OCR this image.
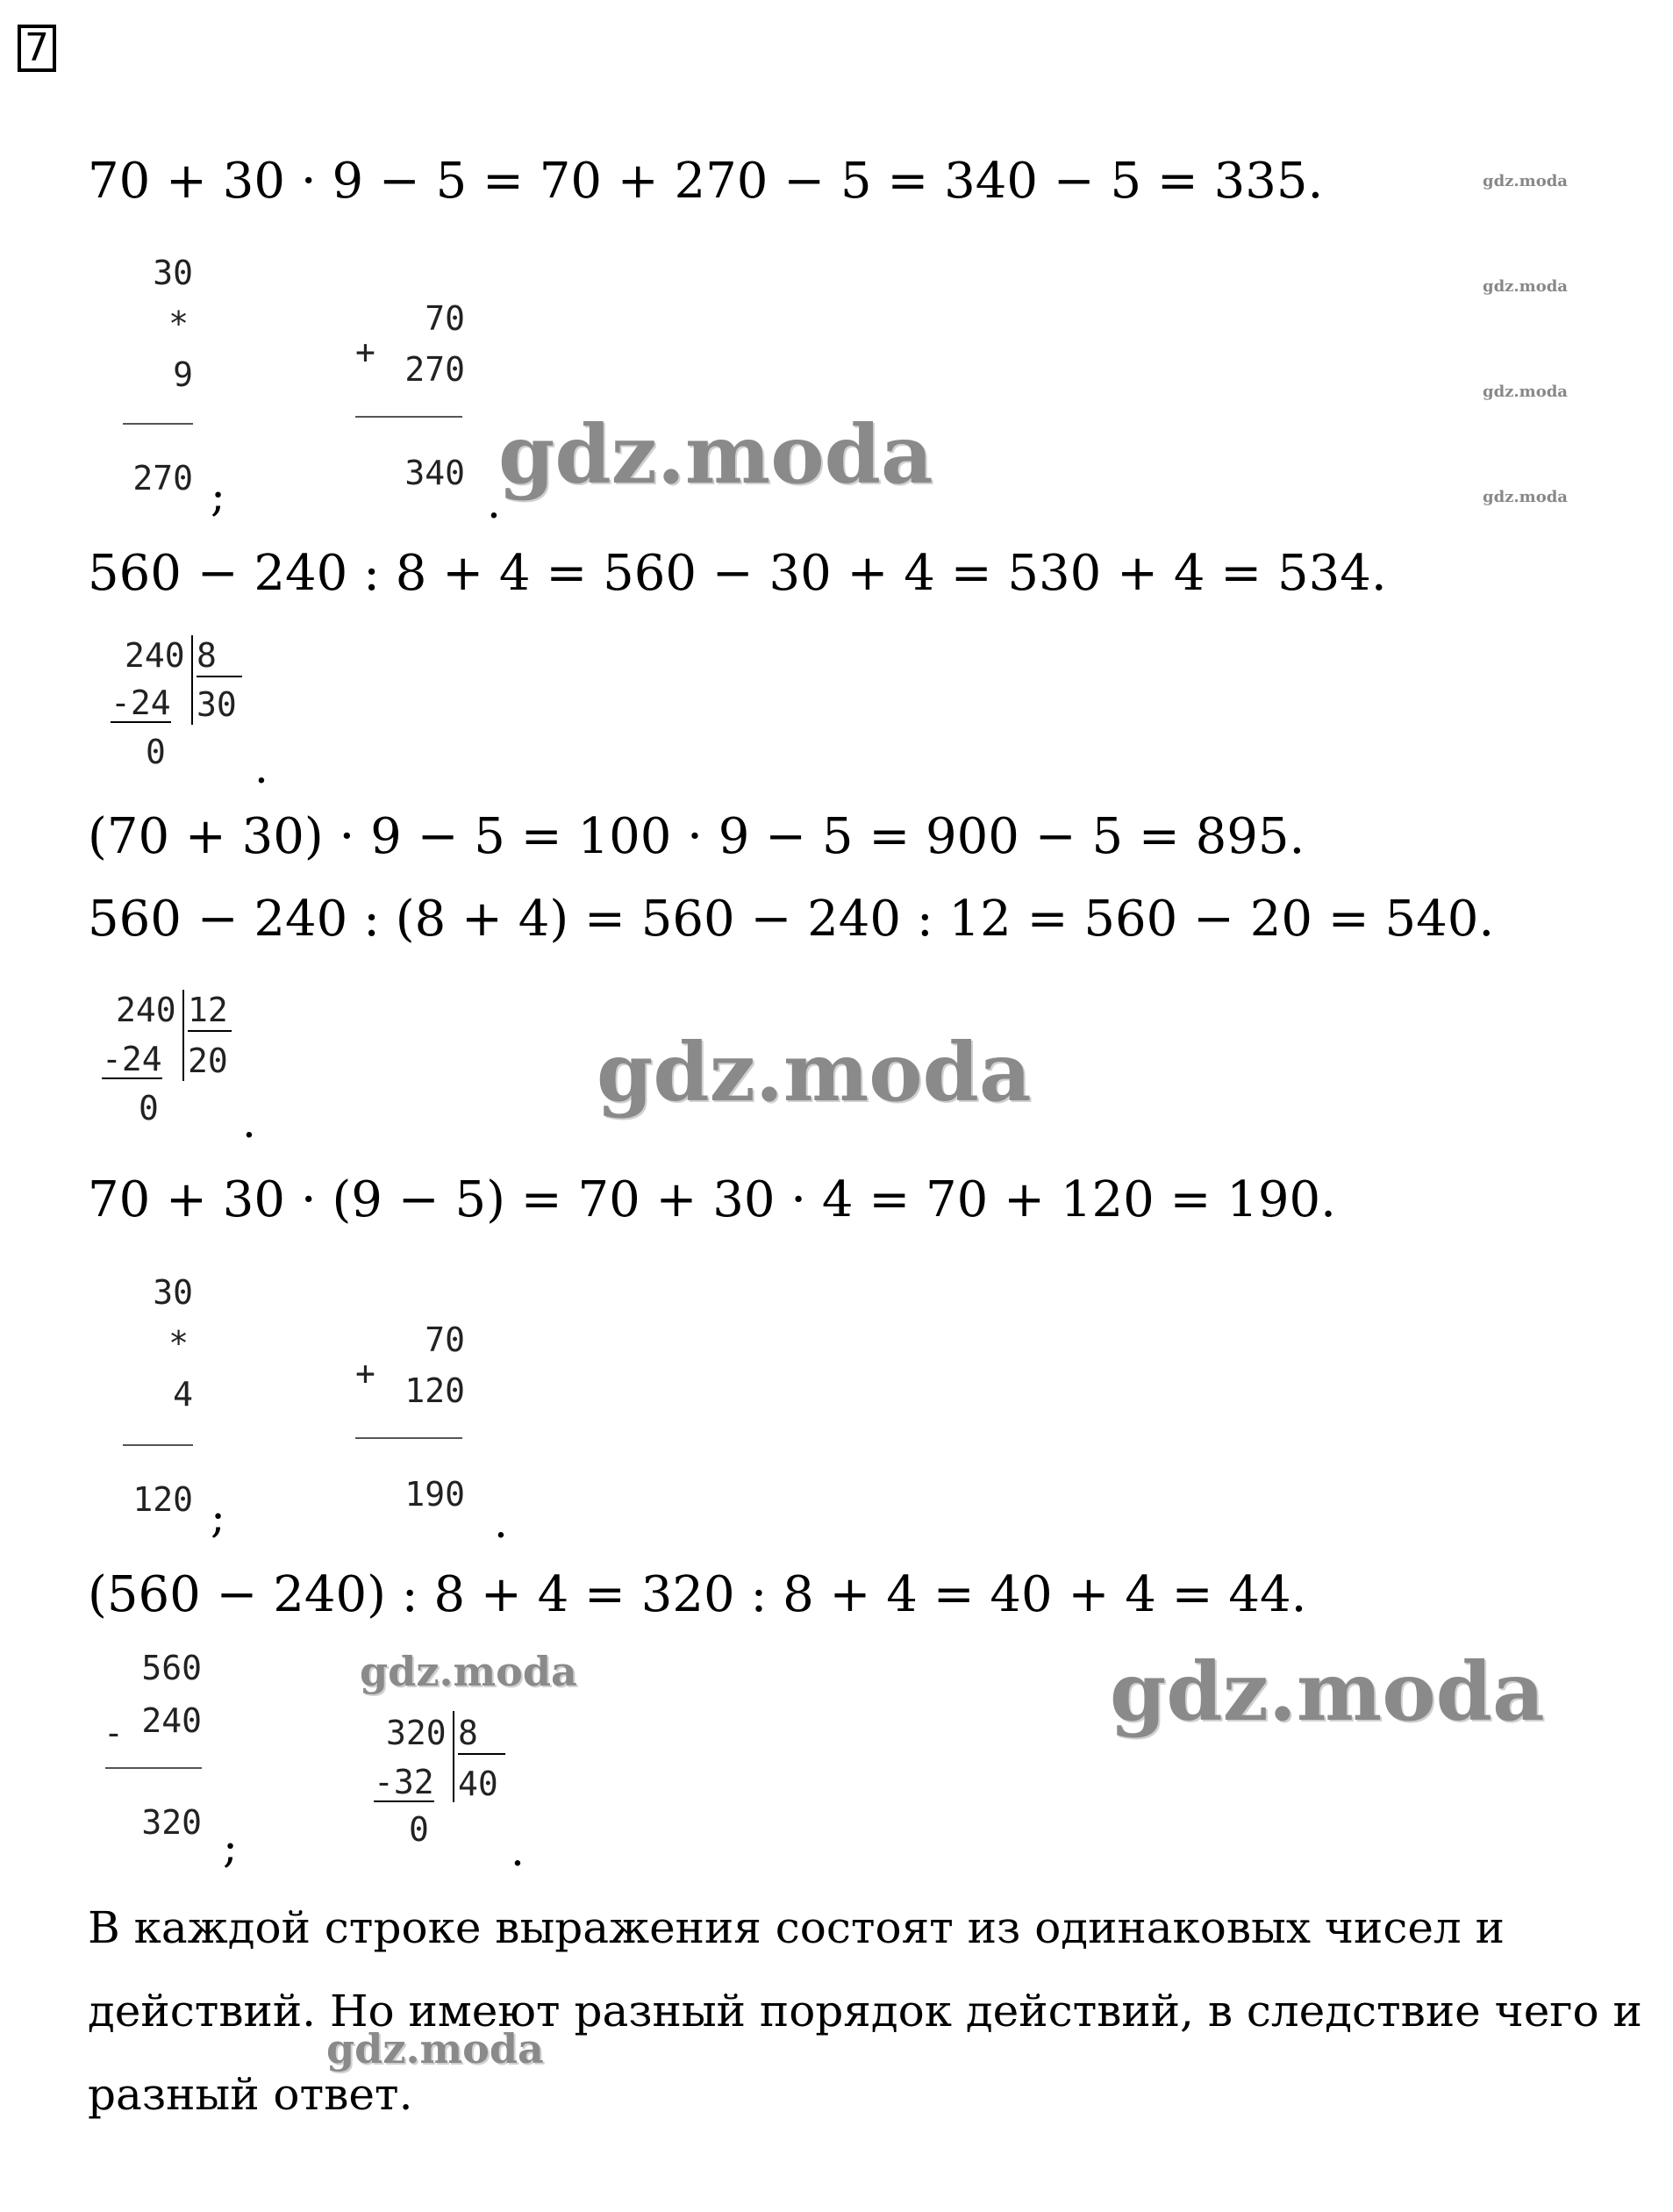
7
gdz.moda
gdz.moda
gdz.moda
gdz.moda
70 + 30 · 9 − 5 = 70 + 270 − 5 = 340 − 5 = 335.
30
*
9
270 ;
+
70
270
340
.
gdz.moda
560 − 240 : 8 + 4 = 560 − 30 + 4 = 530 + 4 = 534.
240 8
-24 30
0 .
(70 + 30) · 9 − 5 = 100 · 9 − 5 = 900 − 5 = 895.
560 − 240 : (8 + 4) = 560 − 240 : 12 = 560 − 20 = 540.
240 12
-24 20
0 .
gdz.moda
70 + 30 · (9 − 5) = 70 + 30 · 4 = 70 + 120 = 190.
30
*
4
120 ;
+
70
120
190
.
(560 − 240) : 8 + 4 = 320 : 8 + 4 = 40 + 4 = 44.
-
560
240
320 ;
gdz.moda
320 8
-32 40
0 .
gdz.moda
В каждой строке выражения состоят из одинаковых чисел и действий. Но имеют разный порядок действий, в следствие чего и разный ответ.
gdz.moda
